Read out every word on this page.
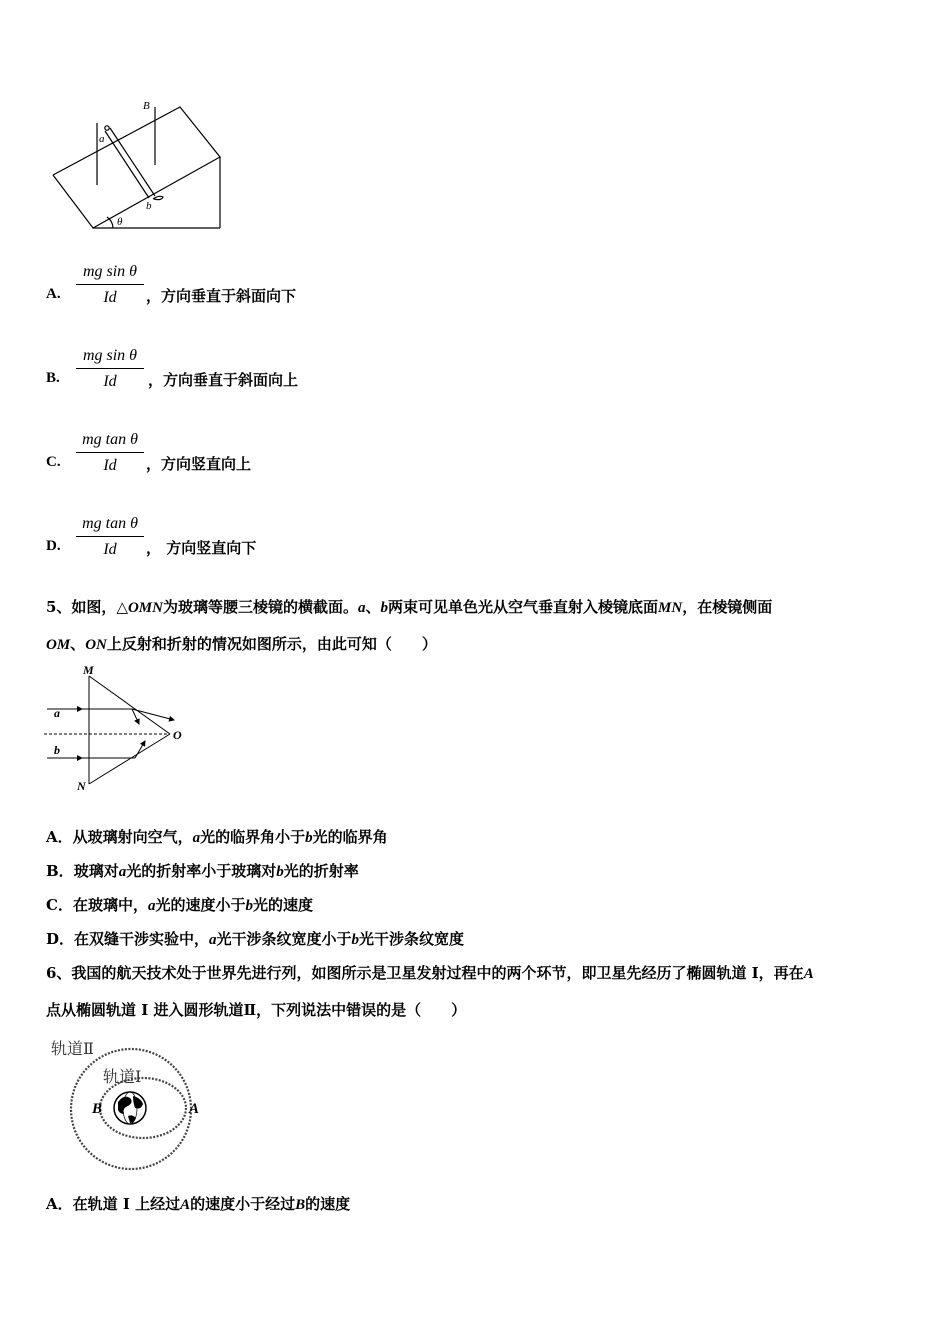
B
a
b
θ
A.
mg sin θ
Id	，方向垂直于斜面向下
B.
mg sin θ
Id	，方向垂直于斜面向上
C.
mg tan θ
Id	，方向竖直向上
D.
mg tan θ
Id	， 方向竖直向下
5、如图，△OMN为玻璃等腰三棱镜的横截面。a、b两束可见单色光从空气垂直射入棱镜底面MN，在棱镜侧面
OM、ON上反射和折射的情况如图所示，由此可知（　　）
M
N
O
a
b
A．从玻璃射向空气，a光的临界角小于b光的临界角
B．玻璃对a光的折射率小于玻璃对b光的折射率
C．在玻璃中，a光的速度小于b光的速度
D．在双缝干涉实验中，a光干涉条纹宽度小于b光干涉条纹宽度
6、我国的航天技术处于世界先进行列，如图所示是卫星发射过程中的两个环节，即卫星先经历了椭圆轨道 I，再在A
点从椭圆轨道 I 进入圆形轨道Ⅱ，下列说法中错误的是（　　）
轨道Ⅱ
轨道Ⅰ
B	A
A．在轨道 I 上经过A的速度小于经过B的速度
